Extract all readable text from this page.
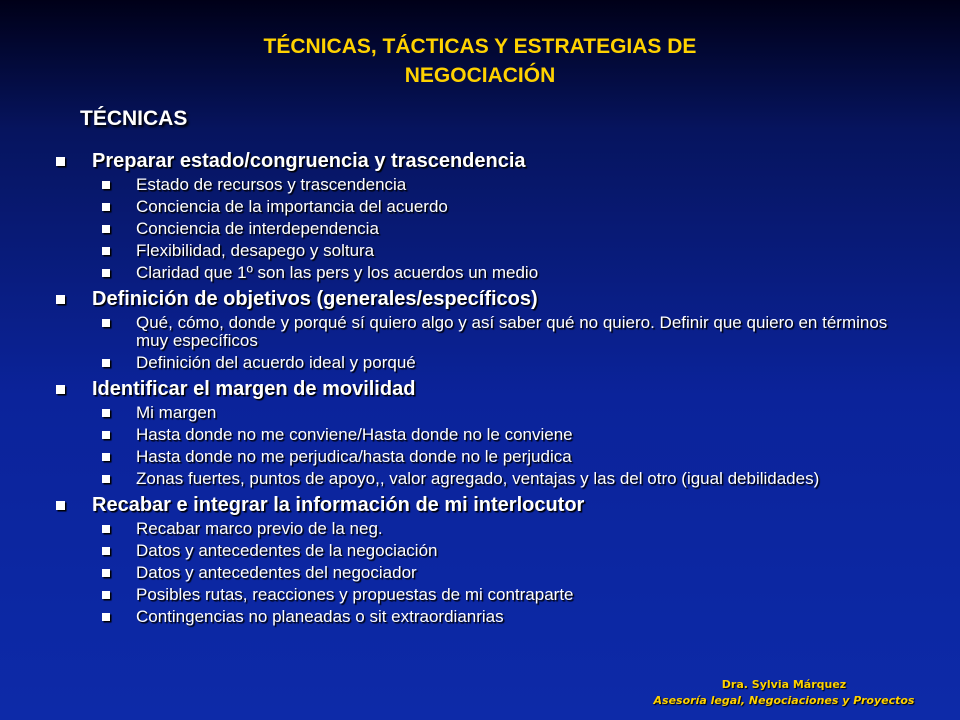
TÉCNICAS, TÁCTICAS Y ESTRATEGIAS DE
NEGOCIACIÓN
TÉCNICAS
Preparar estado/congruencia y trascendencia
Estado de recursos y trascendencia
Conciencia de la importancia del acuerdo
Conciencia de interdependencia
Flexibilidad, desapego y soltura
Claridad que 1º son las pers y los acuerdos un medio
Definición de objetivos (generales/específicos)
Qué, cómo, donde y porqué sí quiero algo y así saber qué no quiero. Definir que quiero en términos muy específicos
Definición del acuerdo ideal y porqué
Identificar el margen de movilidad
Mi margen
Hasta donde no me conviene/Hasta donde no le conviene
Hasta donde no me perjudica/hasta donde no le perjudica
Zonas fuertes, puntos de apoyo,, valor agregado, ventajas y las del otro (igual debilidades)
Recabar e integrar la información de mi interlocutor
Recabar marco previo de la neg.
Datos y antecedentes de la negociación
Datos y antecedentes del negociador
Posibles rutas, reacciones y propuestas de mi contraparte
Contingencias no planeadas o sit extraordianrias
Dra. Sylvia Márquez
Asesoría legal, Negociaciones y Proyectos
